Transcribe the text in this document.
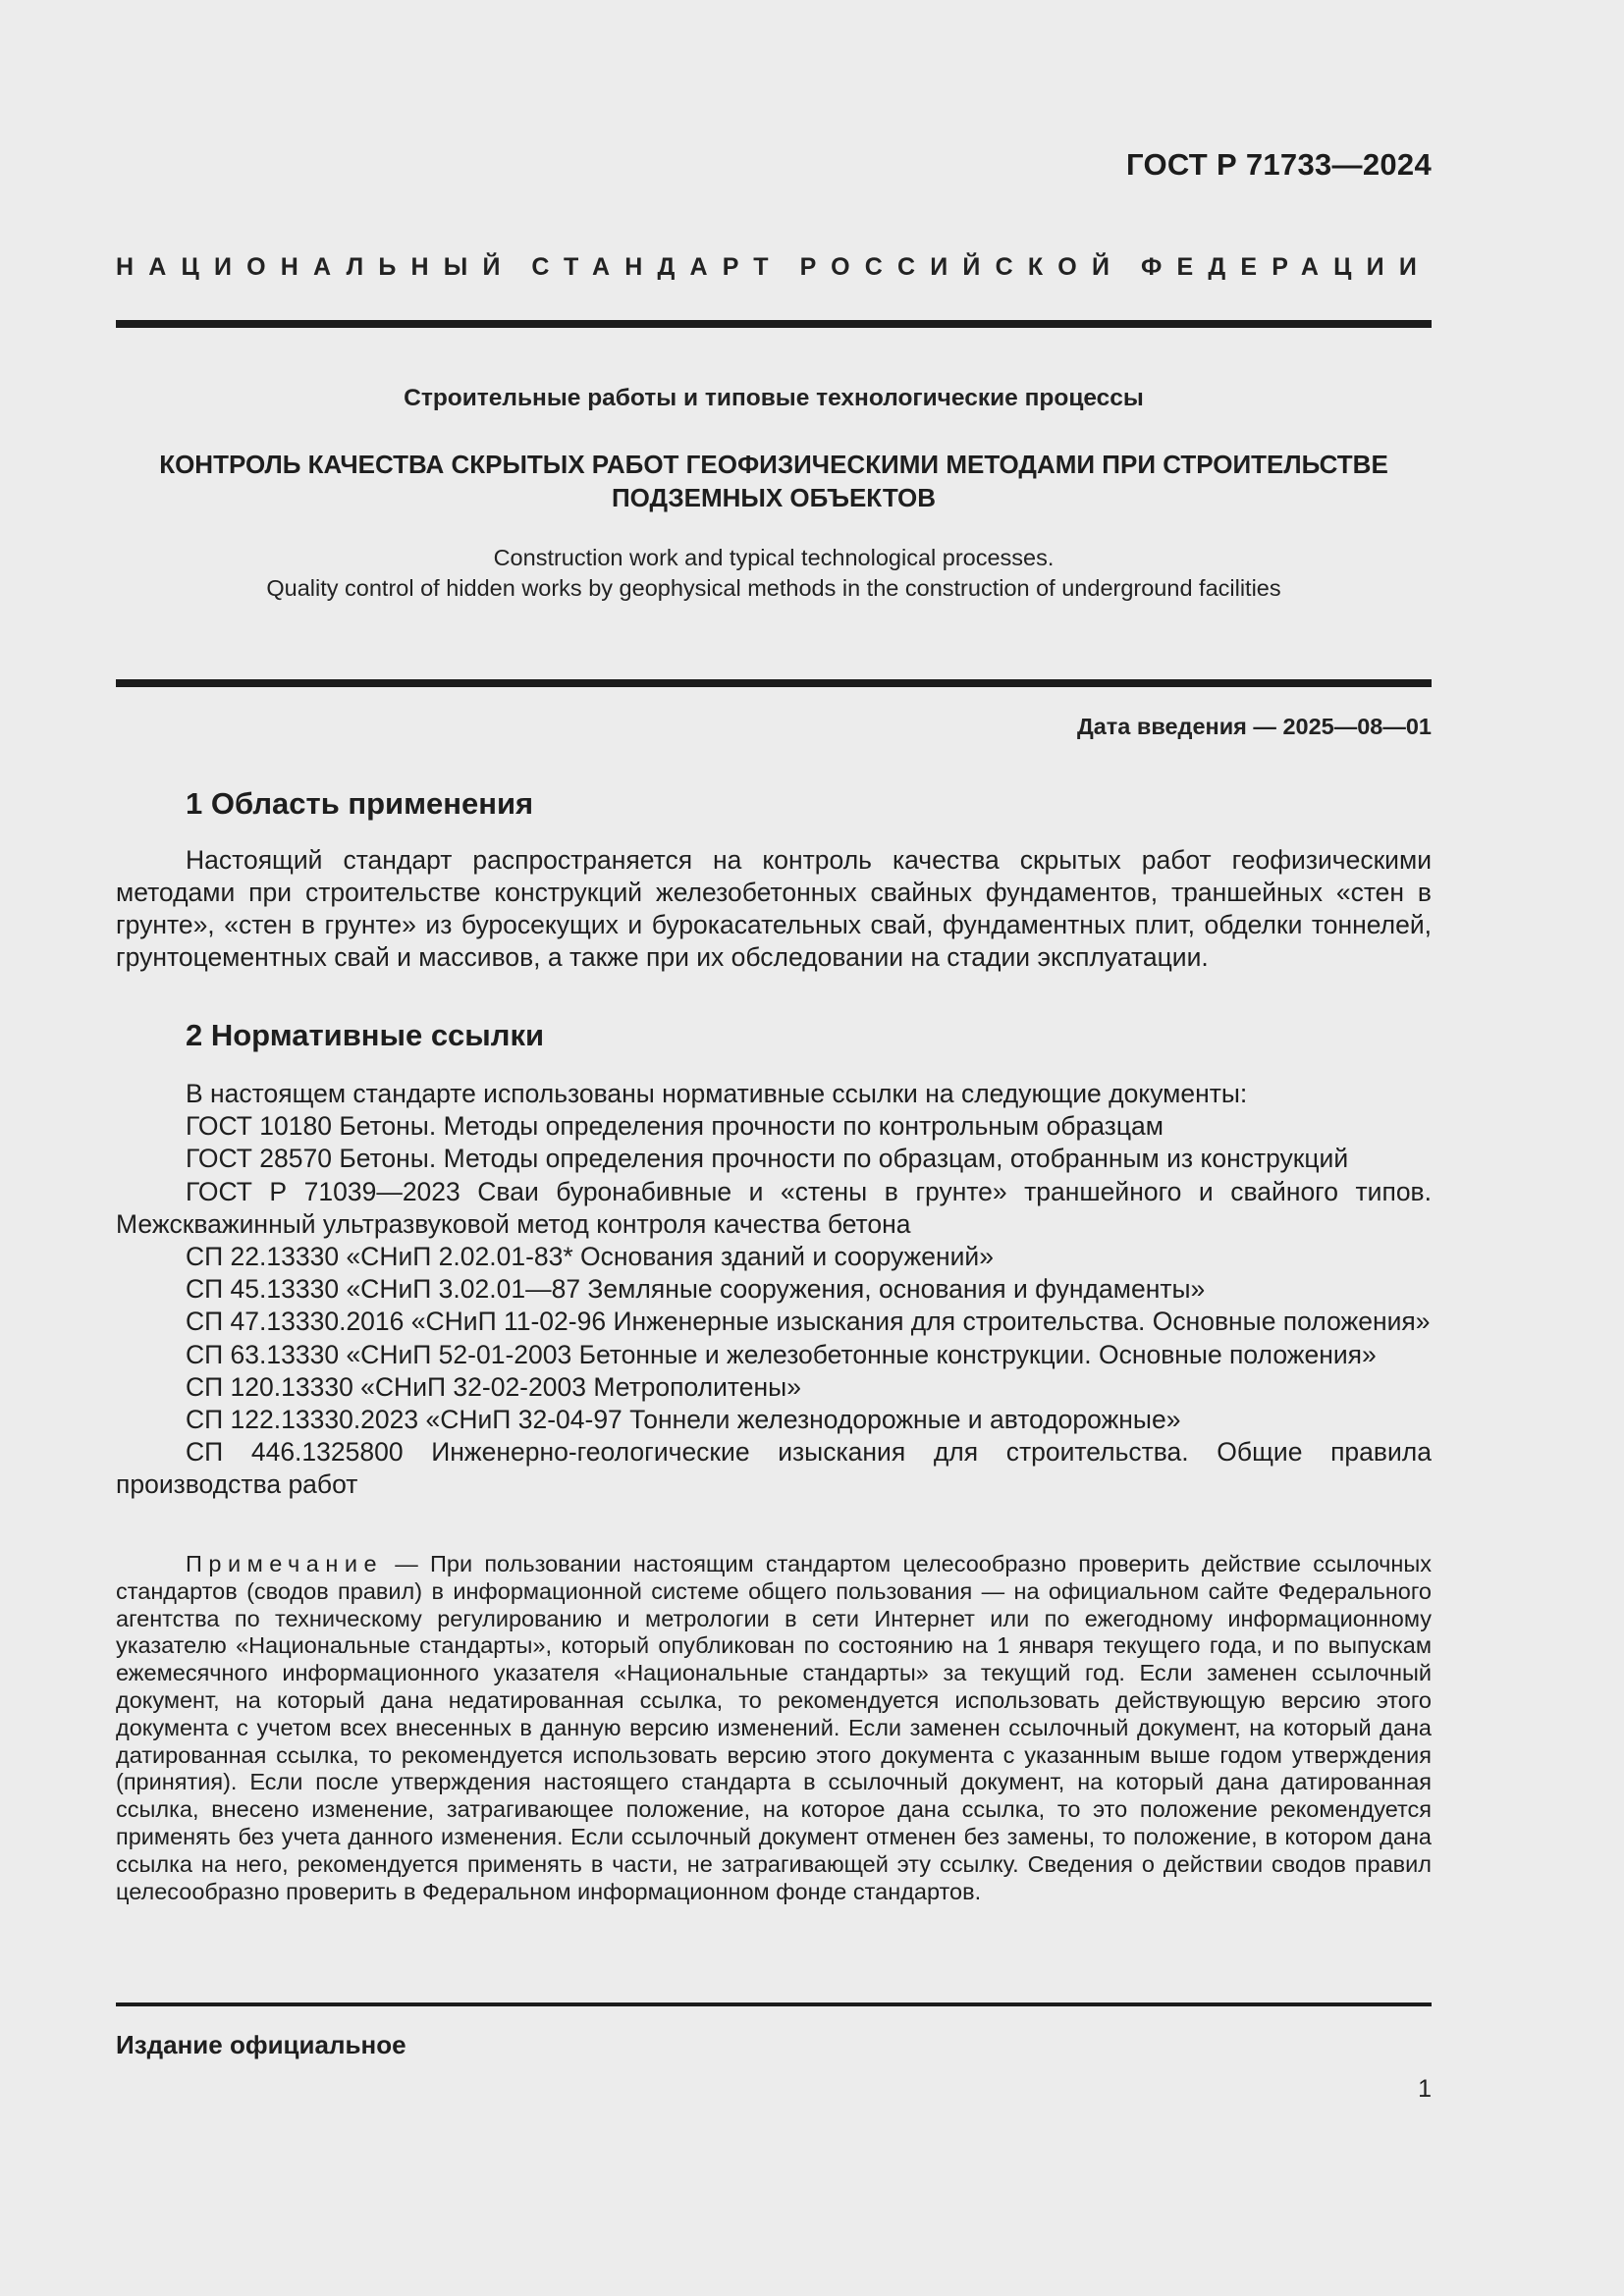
ГОСТ Р 71733—2024
НАЦИОНАЛЬНЫЙ СТАНДАРТ РОССИЙСКОЙ ФЕДЕРАЦИИ
Строительные работы и типовые технологические процессы
КОНТРОЛЬ КАЧЕСТВА СКРЫТЫХ РАБОТ ГЕОФИЗИЧЕСКИМИ МЕТОДАМИ ПРИ СТРОИТЕЛЬСТВЕ
ПОДЗЕМНЫХ ОБЪЕКТОВ
Construction work and typical technological processes.
Quality control of hidden works by geophysical methods in the construction of underground facilities
Дата введения — 2025—08—01
1 Область применения

Настоящий стандарт распространяется на контроль качества скрытых работ геофизическими методами при строительстве конструкций железобетонных свайных фундаментов, траншейных «стен в грунте», «стен в грунте» из буросекущих и бурокасательных свай, фундаментных плит, обделки тоннелей, грунтоцементных свай и массивов, а также при их обследовании на стадии эксплуатации.

2 Нормативные ссылки

В настоящем стандарте использованы нормативные ссылки на следующие документы:

ГОСТ 10180 Бетоны. Методы определения прочности по контрольным образцам

ГОСТ 28570 Бетоны. Методы определения прочности по образцам, отобранным из конструкций

ГОСТ Р 71039—2023 Сваи буронабивные и «стены в грунте» траншейного и свайного типов. Межскважинный ультразвуковой метод контроля качества бетона

СП 22.13330 «СНиП 2.02.01-83* Основания зданий и сооружений»

СП 45.13330 «СНиП 3.02.01—87 Земляные сооружения, основания и фундаменты»

СП 47.13330.2016 «СНиП 11-02-96 Инженерные изыскания для строительства. Основные положения»

СП 63.13330 «СНиП 52-01-2003 Бетонные и железобетонные конструкции. Основные положения»

СП 120.13330 «СНиП 32-02-2003 Метрополитены»

СП 122.13330.2023 «СНиП 32-04-97 Тоннели железнодорожные и автодорожные»

СП 446.1325800 Инженерно-геологические изыскания для строительства. Общие правила производства работ

Примечание — При пользовании настоящим стандартом целесообразно проверить действие ссылочных стандартов (сводов правил) в информационной системе общего пользования — на официальном сайте Федерального агентства по техническому регулированию и метрологии в сети Интернет или по ежегодному информационному указателю «Национальные стандарты», который опубликован по состоянию на 1 января текущего года, и по выпускам ежемесячного информационного указателя «Национальные стандарты» за текущий год. Если заменен ссылочный документ, на который дана недатированная ссылка, то рекомендуется использовать действующую версию этого документа с учетом всех внесенных в данную версию изменений. Если заменен ссылочный документ, на который дана датированная ссылка, то рекомендуется использовать версию этого документа с указанным выше годом утверждения (принятия). Если после утверждения настоящего стандарта в ссылочный документ, на который дана датированная ссылка, внесено изменение, затрагивающее положение, на которое дана ссылка, то это положение рекомендуется применять без учета данного изменения. Если ссылочный документ отменен без замены, то положение, в котором дана ссылка на него, рекомендуется применять в части, не затрагивающей эту ссылку. Сведения о действии сводов правил целесообразно проверить в Федеральном информационном фонде стандартов.

Издание официальное
1
